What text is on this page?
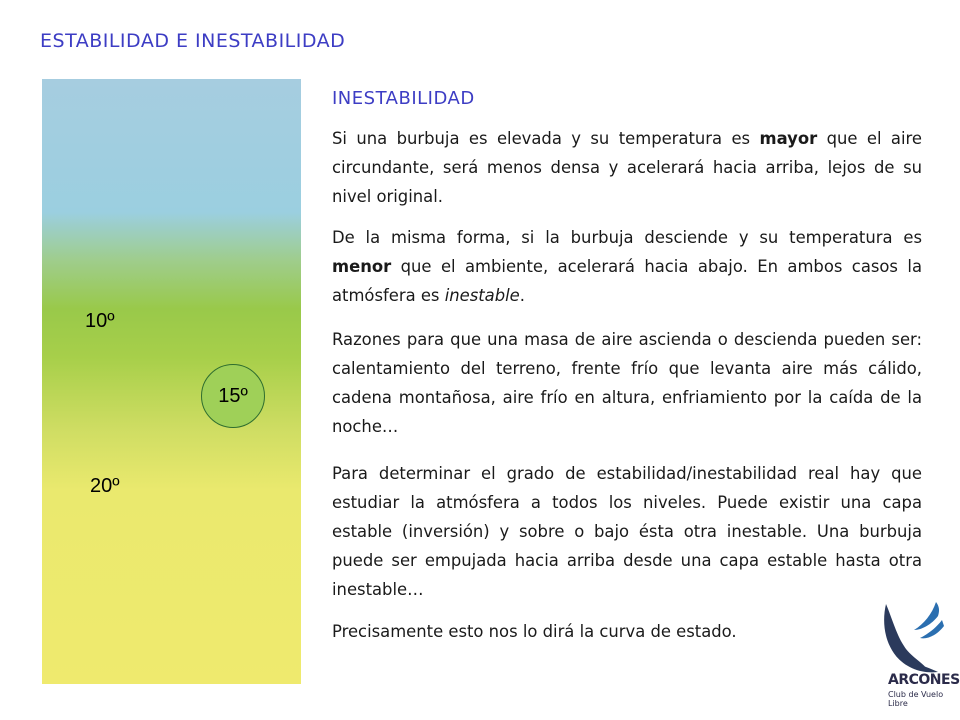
ESTABILIDAD E INESTABILIDAD
10º
15º
20º
INESTABILIDAD
Si una burbuja es elevada y su temperatura es mayor que el aire circundante, será menos densa y acelerará hacia arriba, lejos de su nivel original.
De la misma forma, si la burbuja desciende y su temperatura es menor que el ambiente, acelerará hacia abajo. En ambos casos la atmósfera es inestable.
Razones para que una masa de aire ascienda o descienda pueden ser: calentamiento del terreno, frente frío que levanta aire más cálido, cadena montañosa, aire frío en altura, enfriamiento por la caída de la noche…
Para determinar el grado de estabilidad/inestabilidad real hay que estudiar la atmósfera a todos los niveles. Puede existir una capa estable (inversión) y sobre o bajo ésta otra inestable. Una burbuja puede ser empujada hacia arriba desde una capa estable hasta otra inestable…
Precisamente esto nos lo dirá la curva de estado.
ARCONES
Club de Vuelo Libre
